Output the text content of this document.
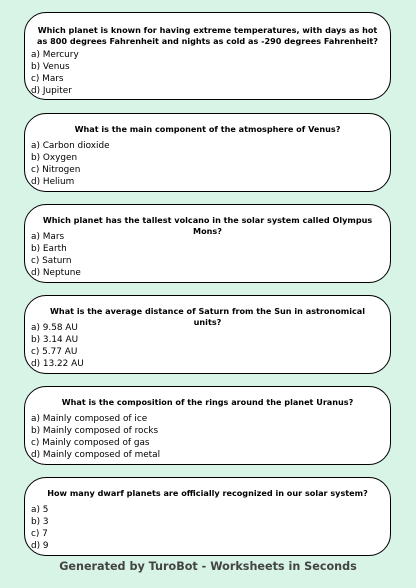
Which planet is known for having extreme temperatures, with days as hot as 800 degrees Fahrenheit and nights as cold as -290 degrees Fahrenheit?
a) Mercury
b) Venus
c) Mars
d) Jupiter
What is the main component of the atmosphere of Venus?
a) Carbon dioxide
b) Oxygen
c) Nitrogen
d) Helium
Which planet has the tallest volcano in the solar system called Olympus Mons?
a) Mars
b) Earth
c) Saturn
d) Neptune
What is the average distance of Saturn from the Sun in astronomical units?
a) 9.58 AU
b) 3.14 AU
c) 5.77 AU
d) 13.22 AU
What is the composition of the rings around the planet Uranus?
a) Mainly composed of ice
b) Mainly composed of rocks
c) Mainly composed of gas
d) Mainly composed of metal
How many dwarf planets are officially recognized in our solar system?
a) 5
b) 3
c) 7
d) 9
Generated by TuroBot - Worksheets in Seconds
